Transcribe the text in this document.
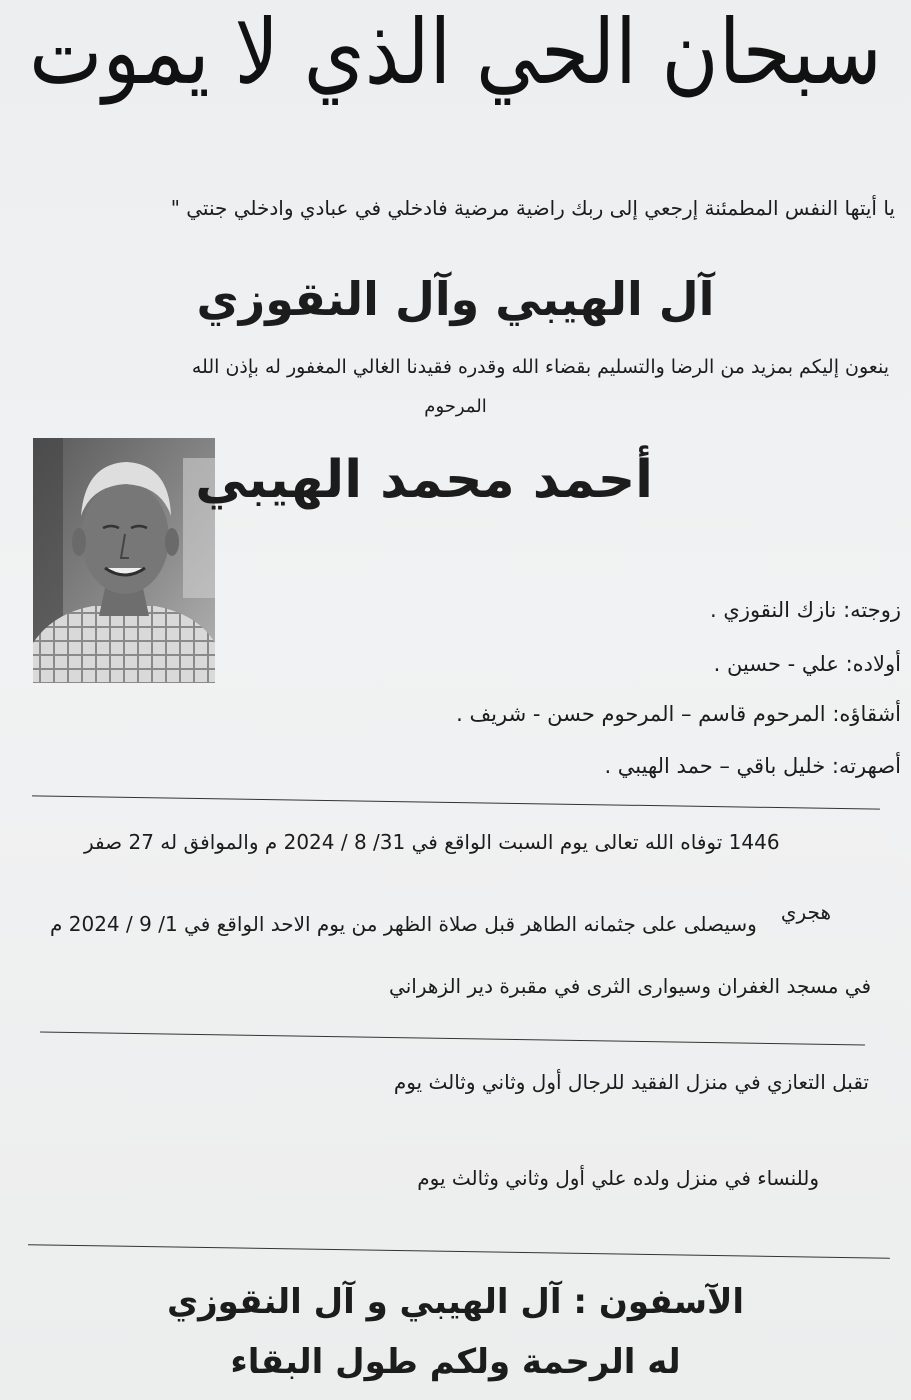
سبحان الحي الذي لا يموت
يا أيتها النفس المطمئنة إرجعي إلى ربك راضية مرضية فادخلي في عبادي وادخلي جنتي "
آل الهيبي وآل النقوزي
ينعون إليكم بمزيد من الرضا والتسليم بقضاء الله وقدره فقيدنا الغالي المغفور له بإذن الله
المرحوم
أحمد محمد الهيبي
زوجته: نازك النقوزي .
أولاده: علي - حسين .
أشقاؤه: المرحوم قاسم – المرحوم حسن - شريف .
أصهرته: خليل باقي – حمد الهيبي .
1446 توفاه الله تعالى يوم السبت الواقع في 31/ 8 / 2024 م والموافق له 27 صفر
هجري
وسيصلى على جثمانه الطاهر قبل صلاة الظهر من يوم الاحد الواقع في 1/ 9 / 2024 م
في مسجد الغفران وسيوارى الثرى في مقبرة دير الزهراني
تقبل التعازي في منزل الفقيد للرجال أول وثاني وثالث يوم
وللنساء في منزل ولده علي أول وثاني وثالث يوم
الآسفون : آل الهيبي و آل النقوزي
له الرحمة ولكم طول البقاء
